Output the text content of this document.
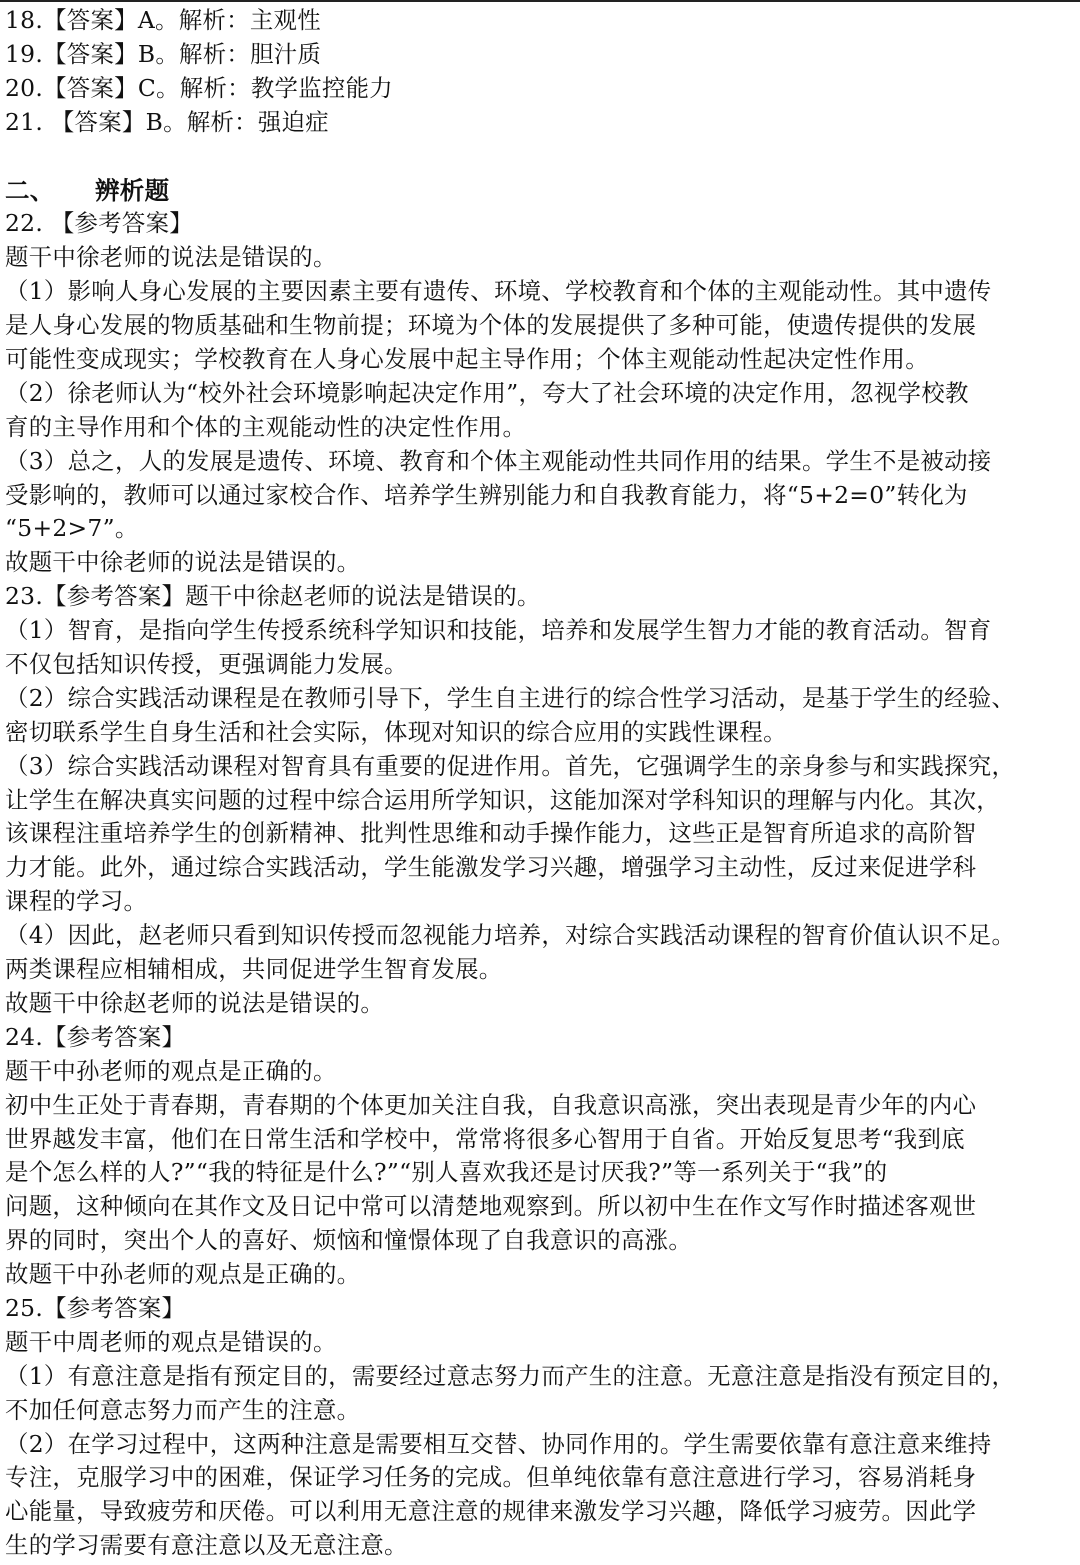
18.【答案】A。解析：主观性
19.【答案】B。解析：胆汁质
20.【答案】C。解析：教学监控能力
21. 【答案】B。解析：强迫症
二、 辨析题
22. 【参考答案】
题干中徐老师的说法是错误的。
（1）影响人身心发展的主要因素主要有遗传、环境、学校教育和个体的主观能动性。其中遗传
是人身心发展的物质基础和生物前提；环境为个体的发展提供了多种可能，使遗传提供的发展
可能性变成现实；学校教育在人身心发展中起主导作用；个体主观能动性起决定性作用。
（2）徐老师认为“校外社会环境影响起决定作用”，夸大了社会环境的决定作用，忽视学校教
育的主导作用和个体的主观能动性的决定性作用。
（3）总之，人的发展是遗传、环境、教育和个体主观能动性共同作用的结果。学生不是被动接
受影响的，教师可以通过家校合作、培养学生辨别能力和自我教育能力，将“5+2=0”转化为
“5+2>7”。
故题干中徐老师的说法是错误的。
23.【参考答案】题干中徐赵老师的说法是错误的。
（1）智育，是指向学生传授系统科学知识和技能，培养和发展学生智力才能的教育活动。智育
不仅包括知识传授，更强调能力发展。
（2）综合实践活动课程是在教师引导下，学生自主进行的综合性学习活动，是基于学生的经验、
密切联系学生自身生活和社会实际，体现对知识的综合应用的实践性课程。
（3）综合实践活动课程对智育具有重要的促进作用。首先，它强调学生的亲身参与和实践探究，
让学生在解决真实问题的过程中综合运用所学知识，这能加深对学科知识的理解与内化。其次，
该课程注重培养学生的创新精神、批判性思维和动手操作能力，这些正是智育所追求的高阶智
力才能。此外，通过综合实践活动，学生能激发学习兴趣，增强学习主动性，反过来促进学科
课程的学习。
（4）因此，赵老师只看到知识传授而忽视能力培养，对综合实践活动课程的智育价值认识不足。
两类课程应相辅相成，共同促进学生智育发展。
故题干中徐赵老师的说法是错误的。
24.【参考答案】
题干中孙老师的观点是正确的。
初中生正处于青春期，青春期的个体更加关注自我，自我意识高涨，突出表现是青少年的内心
世界越发丰富，他们在日常生活和学校中，常常将很多心智用于自省。开始反复思考“我到底
是个怎么样的人?”“我的特征是什么?”“别人喜欢我还是讨厌我?”等一系列关于“我”的
问题，这种倾向在其作文及日记中常可以清楚地观察到。所以初中生在作文写作时描述客观世
界的同时，突出个人的喜好、烦恼和憧憬体现了自我意识的高涨。
故题干中孙老师的观点是正确的。
25.【参考答案】
题干中周老师的观点是错误的。
（1）有意注意是指有预定目的，需要经过意志努力而产生的注意。无意注意是指没有预定目的，
不加任何意志努力而产生的注意。
（2）在学习过程中，这两种注意是需要相互交替、协同作用的。学生需要依靠有意注意来维持
专注，克服学习中的困难，保证学习任务的完成。但单纯依靠有意注意进行学习，容易消耗身
心能量，导致疲劳和厌倦。可以利用无意注意的规律来激发学习兴趣，降低学习疲劳。因此学
生的学习需要有意注意以及无意注意。
